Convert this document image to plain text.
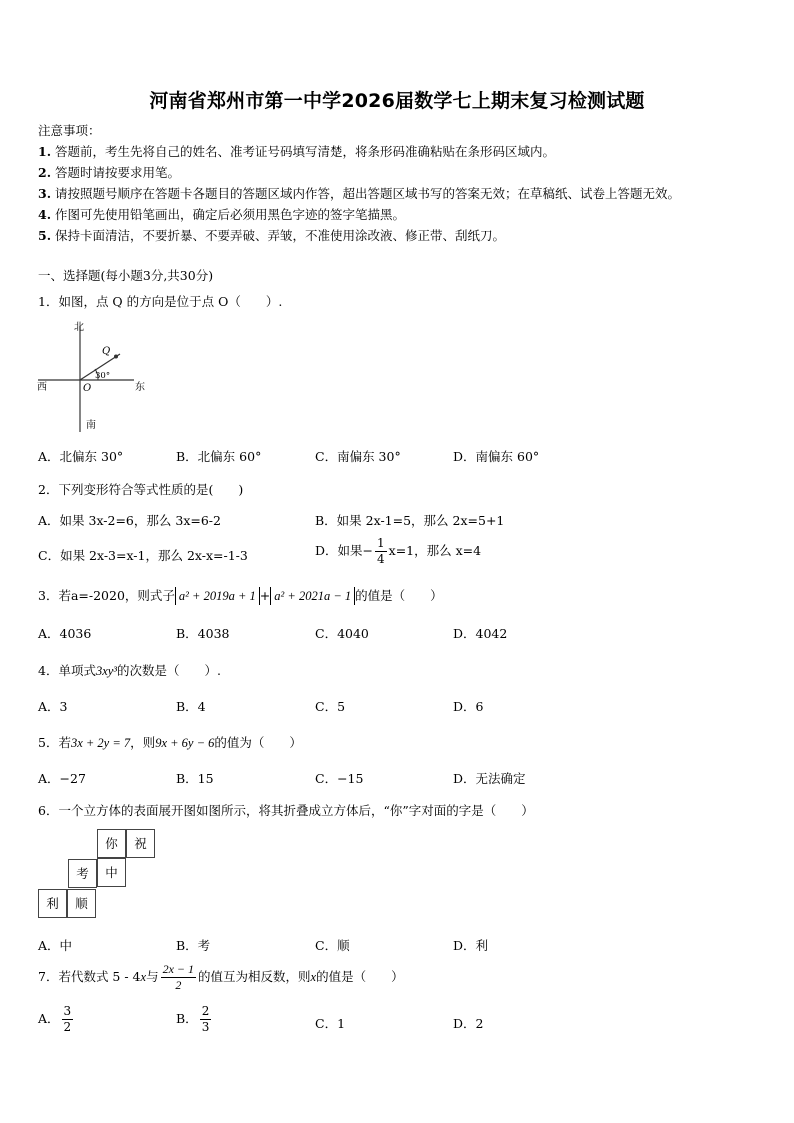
河南省郑州市第一中学2026届数学七上期末复习检测试题
注意事项：
1. 答题前，考生先将自己的姓名、准考证号码填写清楚，将条形码准确粘贴在条形码区域内。
2. 答题时请按要求用笔。
3. 请按照题号顺序在答题卡各题目的答题区域内作答，超出答题区域书写的答案无效；在草稿纸、试卷上答题无效。
4. 作图可先使用铅笔画出，确定后必须用黑色字迹的签字笔描黑。
5. 保持卡面清洁，不要折暴、不要弄破、弄皱，不准使用涂改液、修正带、刮纸刀。
一、选择题(每小题3分,共30分)
1．如图，点 Q 的方向是位于点 O（　　）.
北
南
西	东
O
Q
30°
A．北偏东 30°	B．北偏东 60°	C．南偏东 30°	D．南偏东 60°
2．下列变形符合等式性质的是(　　)
A．如果 3x-2=6，那么 3x=6-2	B．如果 2x-1=5，那么 2x=5+1
C．如果 2x-3=x-1，那么 2x-x=-1-3	D．如果− $\frac{1}{4} x=1$，那么 x=4
3．若a=-2020，则式子 a² + 2019a + 1 + a² + 2021a − 1 的值是（　　）
A．4036	B．4038	C．4040	D．4042
4．单项式3xy³的次数是（　　）.
A．3	B．4	C．5	D．6
5．若3x + 2y = 7，则9x + 6y − 6的值为（　　）
A．−27	B．15	C．−15	D．无法确定
6．一个立方体的表面展开图如图所示，将其折叠成立方体后，“你”字对面的字是（　　）
你	祝
考	中
利	顺
A．中	B．考	C．顺	D．利
7．若代数式 5 - 4x与 $\frac{2x - 1}{2}$ 的值互为相反数，则x的值是（　　）
A． $\frac{3}{2}$	B． $\frac{2}{3}$	C．1	D．2
